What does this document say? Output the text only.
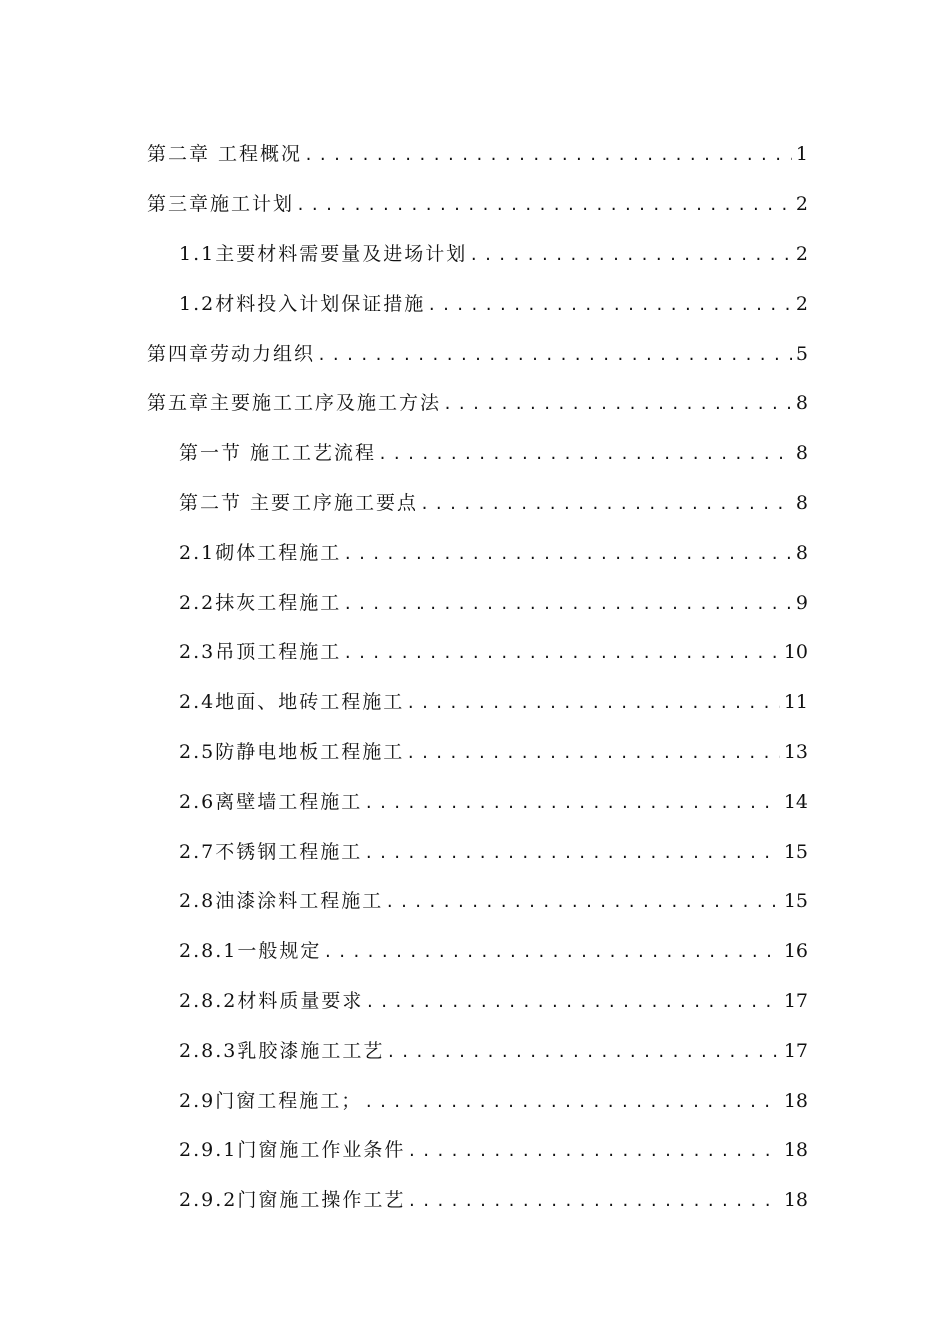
第二章 工程概况 .....	1
第三章施工计划 .....	2
1.1主要材料需要量及进场计划 .....	2
1.2材料投入计划保证措施 .....	2
第四章劳动力组织 .....	5
第五章主要施工工序及施工方法 .....	8
第一节 施工工艺流程 .....	8
第二节 主要工序施工要点 .....	8
2.1砌体工程施工 .....	8
2.2抹灰工程施工 .....	9
2.3吊顶工程施工 .....	10
2.4地面、地砖工程施工 .....	11
2.5防静电地板工程施工 .....	13
2.6离壁墙工程施工 .....	14
2.7不锈钢工程施工 .....	15
2.8油漆涂料工程施工 .....	15
2.8.1一般规定 .....	16
2.8.2材料质量要求 .....	17
2.8.3乳胶漆施工工艺 .....	17
2.9门窗工程施工； .....	18
2.9.1门窗施工作业条件 .....	18
2.9.2门窗施工操作工艺 .....	18
